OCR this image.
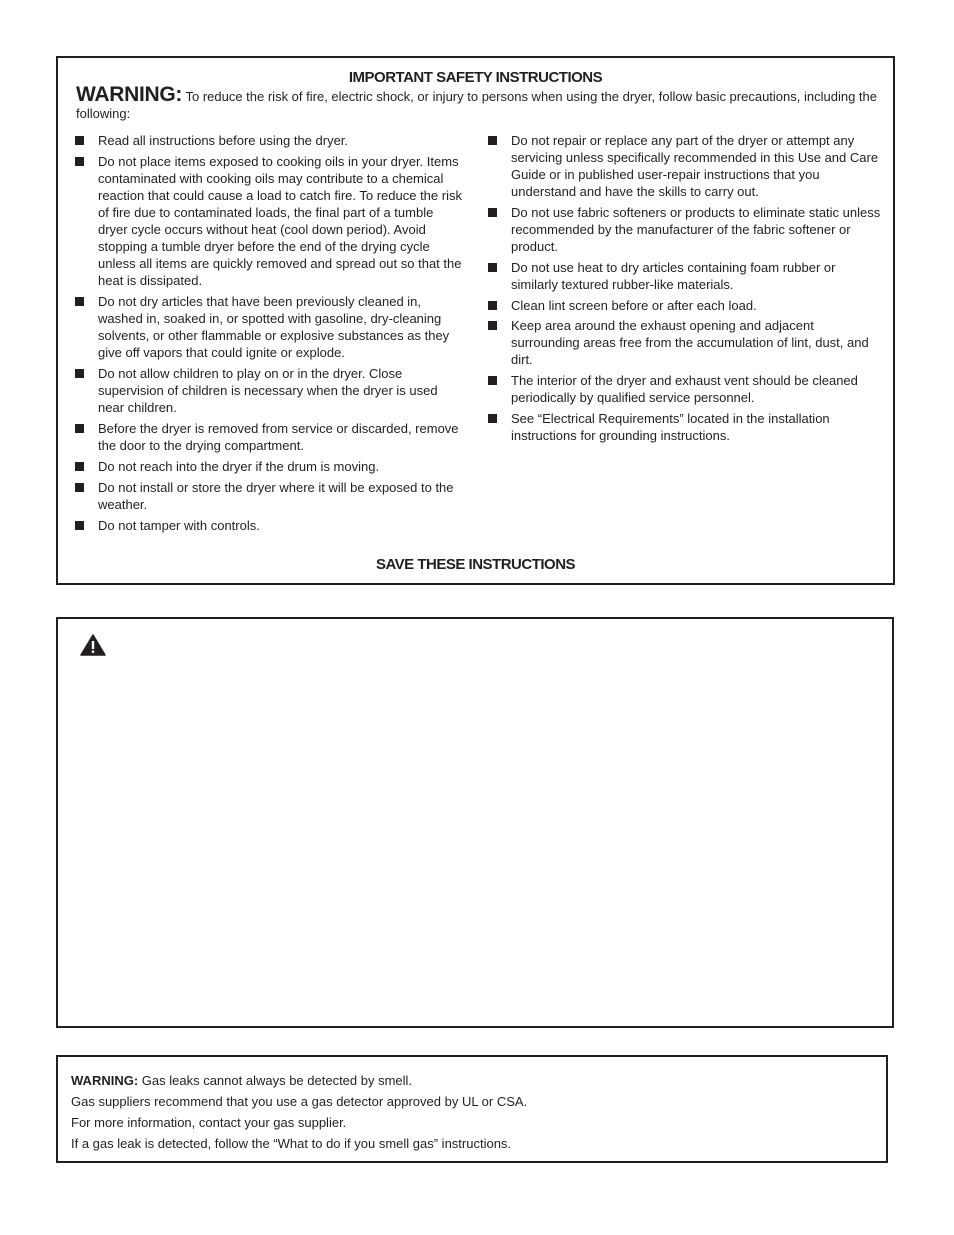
IMPORTANT SAFETY INSTRUCTIONS
WARNING: To reduce the risk of fire, electric shock, or injury to persons when using the dryer, follow basic precautions, including the following:
Read all instructions before using the dryer.
Do not place items exposed to cooking oils in your dryer. Items contaminated with cooking oils may contribute to a chemical reaction that could cause a load to catch fire. To reduce the risk of fire due to contaminated loads, the final part of a tumble dryer cycle occurs without heat (cool down period). Avoid stopping a tumble dryer before the end of the drying cycle unless all items are quickly removed and spread out so that the heat is dissipated.
Do not dry articles that have been previously cleaned in, washed in, soaked in, or spotted with gasoline, dry-cleaning solvents, or other flammable or explosive substances as they give off vapors that could ignite or explode.
Do not allow children to play on or in the dryer. Close supervision of children is necessary when the dryer is used near children.
Before the dryer is removed from service or discarded, remove the door to the drying compartment.
Do not reach into the dryer if the drum is moving.
Do not install or store the dryer where it will be exposed to the weather.
Do not tamper with controls.
Do not repair or replace any part of the dryer or attempt any servicing unless specifically recommended in this Use and Care Guide or in published user-repair instructions that you understand and have the skills to carry out.
Do not use fabric softeners or products to eliminate static unless recommended by the manufacturer of the fabric softener or product.
Do not use heat to dry articles containing foam rubber or similarly textured rubber-like materials.
Clean lint screen before or after each load.
Keep area around the exhaust opening and adjacent surrounding areas free from the accumulation of lint, dust, and dirt.
The interior of the dryer and exhaust vent should be cleaned periodically by qualified service personnel.
See “Electrical Requirements” located in the installation instructions for grounding instructions.
SAVE THESE INSTRUCTIONS
WARNING: Gas leaks cannot always be detected by smell.
Gas suppliers recommend that you use a gas detector approved by UL or CSA.
For more information, contact your gas supplier.
If a gas leak is detected, follow the “What to do if you smell gas” instructions.
